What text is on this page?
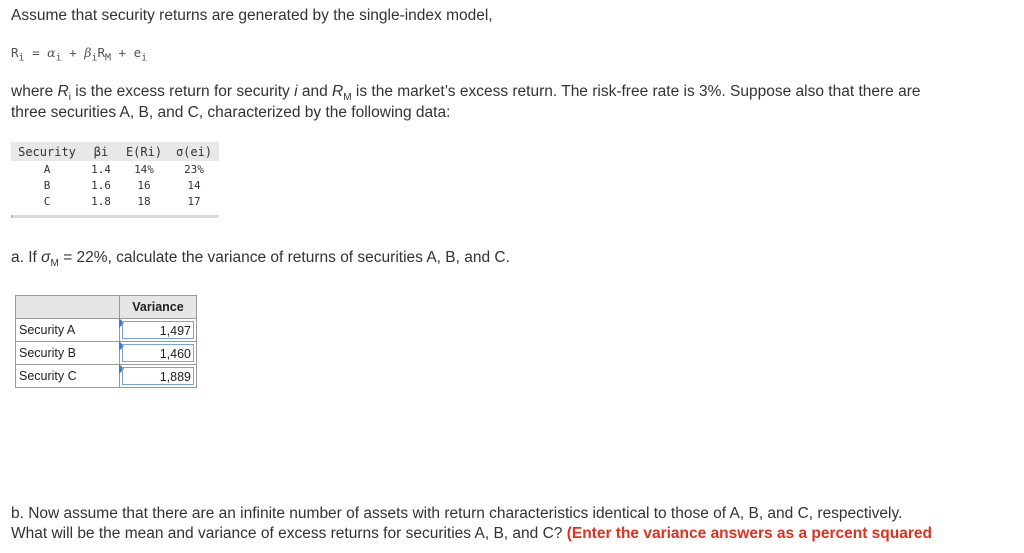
Assume that security returns are generated by the single-index model,
$R_i = \alpha_i + \beta_iR_M + e_i$
where $R_i$ is the excess return for security i and $R_M$ is the market’s excess return. The risk-free rate is 3%. Suppose also that there are
three securities A, B, and C, characterized by the following data:
Security	βi	E(Ri)	σ(ei)
A	1.4	14%	23%
B	1.6	16	14
C	1.8	18	17
a. If $\sigma_M = 22\%$, calculate the variance of returns of securities A, B, and C.
	Variance
Security A	1,497

Security B	1,460

Security C	1,889
b. Now assume that there are an infinite number of assets with return characteristics identical to those of A, B, and C, respectively.
What will be the mean and variance of excess returns for securities A, B, and C? (Enter the variance answers as a percent squared
